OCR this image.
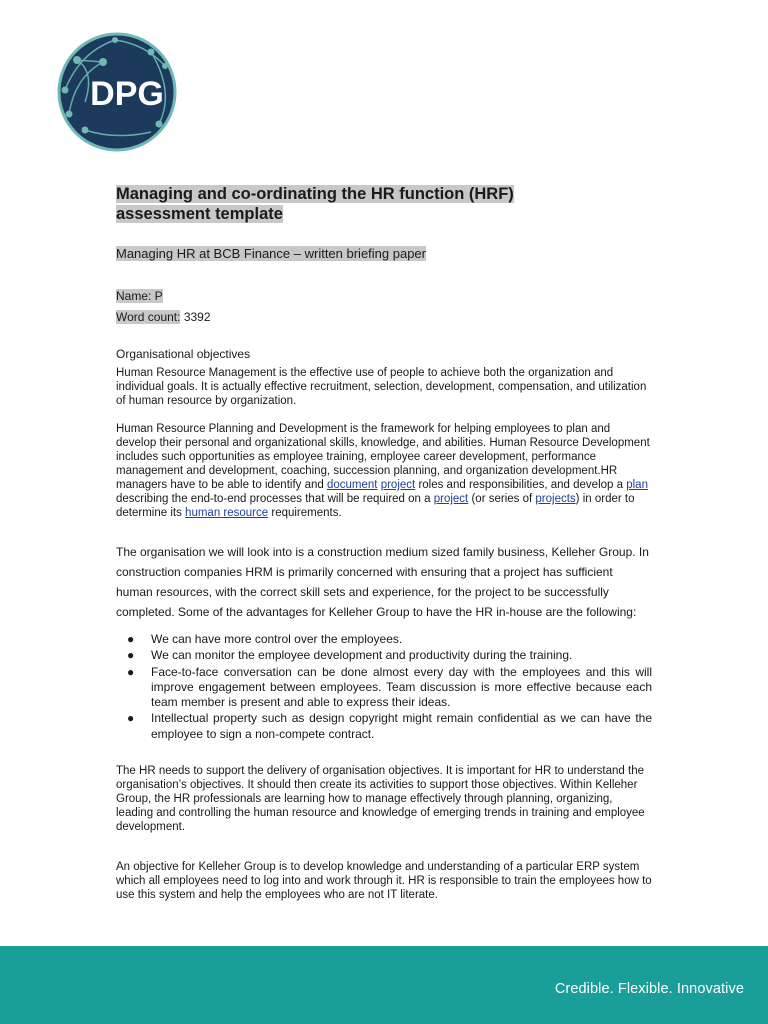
DPG

Managing and co-ordinating the HR function (HRF)
assessment template

Managing HR at BCB Finance – written briefing paper

Name: P

Word count: 3392

Organisational objectives

Human Resource Management is the effective use of people to achieve both the organization and individual goals. It is actually effective recruitment, selection, development, compensation, and utilization of human resource by organization.

Human Resource Planning and Development is the framework for helping employees to plan and develop their personal and organizational skills, knowledge, and abilities. Human Resource Development includes such opportunities as employee training, employee career development, performance management and development, coaching, succession planning, and organization development.HR managers have to be able to identify and document project roles and responsibilities, and develop a plan describing the end-to-end processes that will be required on a project (or series of projects) in order to determine its human resource requirements.

The organisation we will look into is a construction medium sized family business, Kelleher Group. In construction companies HRM is primarily concerned with ensuring that a project has sufficient human resources, with the correct skill sets and experience, for the project to be successfully completed. Some of the advantages for Kelleher Group to have the HR in-house are the following:

● We can have more control over the employees.
● We can monitor the employee development and productivity during the training.
● Face-to-face conversation can be done almost every day with the employees and this will improve engagement between employees. Team discussion is more effective because each team member is present and able to express their ideas.
● Intellectual property such as design copyright might remain confidential as we can have the employee to sign a non-compete contract.

The HR needs to support the delivery of organisation objectives. It is important for HR to understand the organisation’s objectives. It should then create its activities to support those objectives. Within Kelleher Group, the HR professionals are learning how to manage effectively through planning, organizing, leading and controlling the human resource and knowledge of emerging trends in training and employee development.

An objective for Kelleher Group is to develop knowledge and understanding of a particular ERP system which all employees need to log into and work through it. HR is responsible to train the employees how to use this system and help the employees who are not IT literate.

Credible. Flexible. Innovative
